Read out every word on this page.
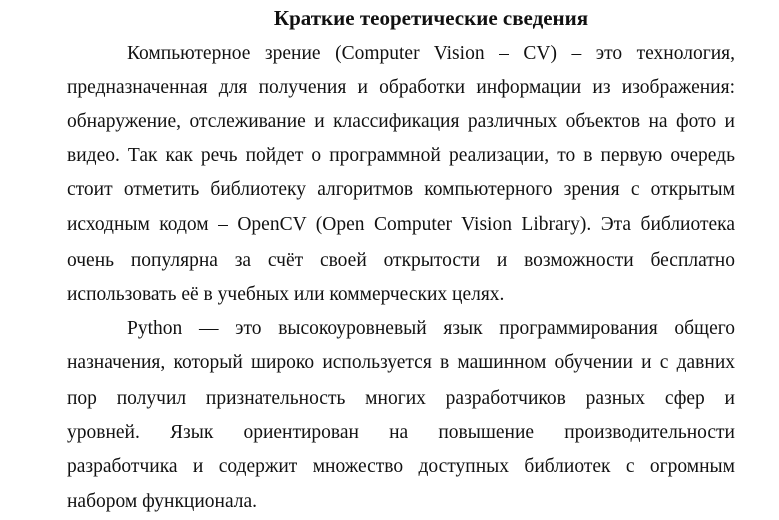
Краткие теоретические сведения
Компьютерное зрение (Computer Vision – CV) – это технология,
предназначенная для получения и обработки информации из изображения:
обнаружение, отслеживание и классификация различных объектов на фото и
видео. Так как речь пойдет о программной реализации, то в первую очередь
стоит отметить библиотеку алгоритмов компьютерного зрения с открытым
исходным кодом – OpenCV (Open Computer Vision Library). Эта библиотека
очень популярна за счёт своей открытости и возможности бесплатно
использовать её в учебных или коммерческих целях.
Python — это высокоуровневый язык программирования общего
назначения, который широко используется в машинном обучении и с давних
пор получил признательность многих разработчиков разных сфер и
уровней. Язык ориентирован на повышение производительности
разработчика и содержит множество доступных библиотек с огромным
набором функционала.
